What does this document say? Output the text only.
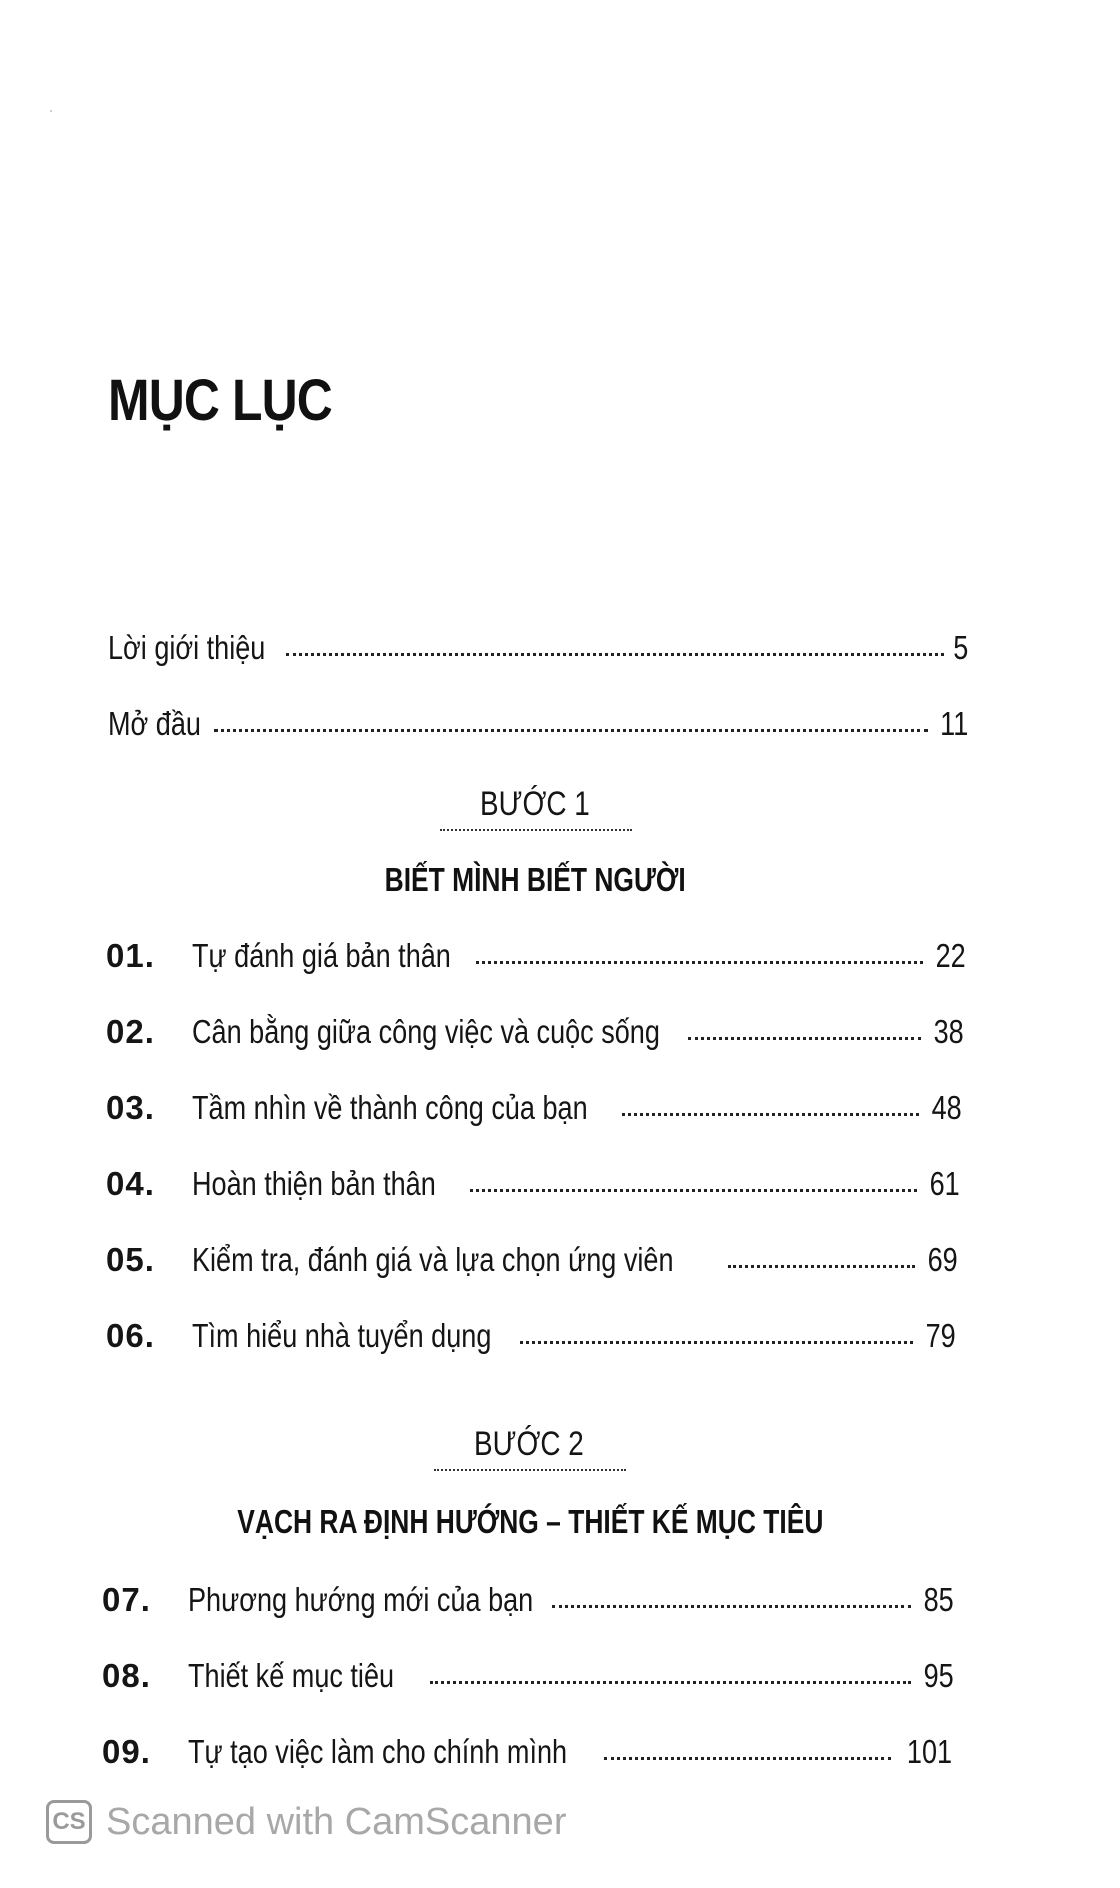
MỤC LỤC
Lời giới thiệu	5
Mở đầu	11
BƯỚC 1
BIẾT MÌNH BIẾT NGƯỜI
01.	Tự đánh giá bản thân	22
02.	Cân bằng giữa công việc và cuộc sống	38
03.	Tầm nhìn về thành công của bạn	48
04.	Hoàn thiện bản thân	61
05.	Kiểm tra, đánh giá và lựa chọn ứng viên	69
06.	Tìm hiểu nhà tuyển dụng	79
BƯỚC 2
VẠCH RA ĐỊNH HƯỚNG – THIẾT KẾ MỤC TIÊU
07.	Phương hướng mới của bạn	85
08.	Thiết kế mục tiêu	95
09.	Tự tạo việc làm cho chính mình	101
CS Scanned with CamScanner
